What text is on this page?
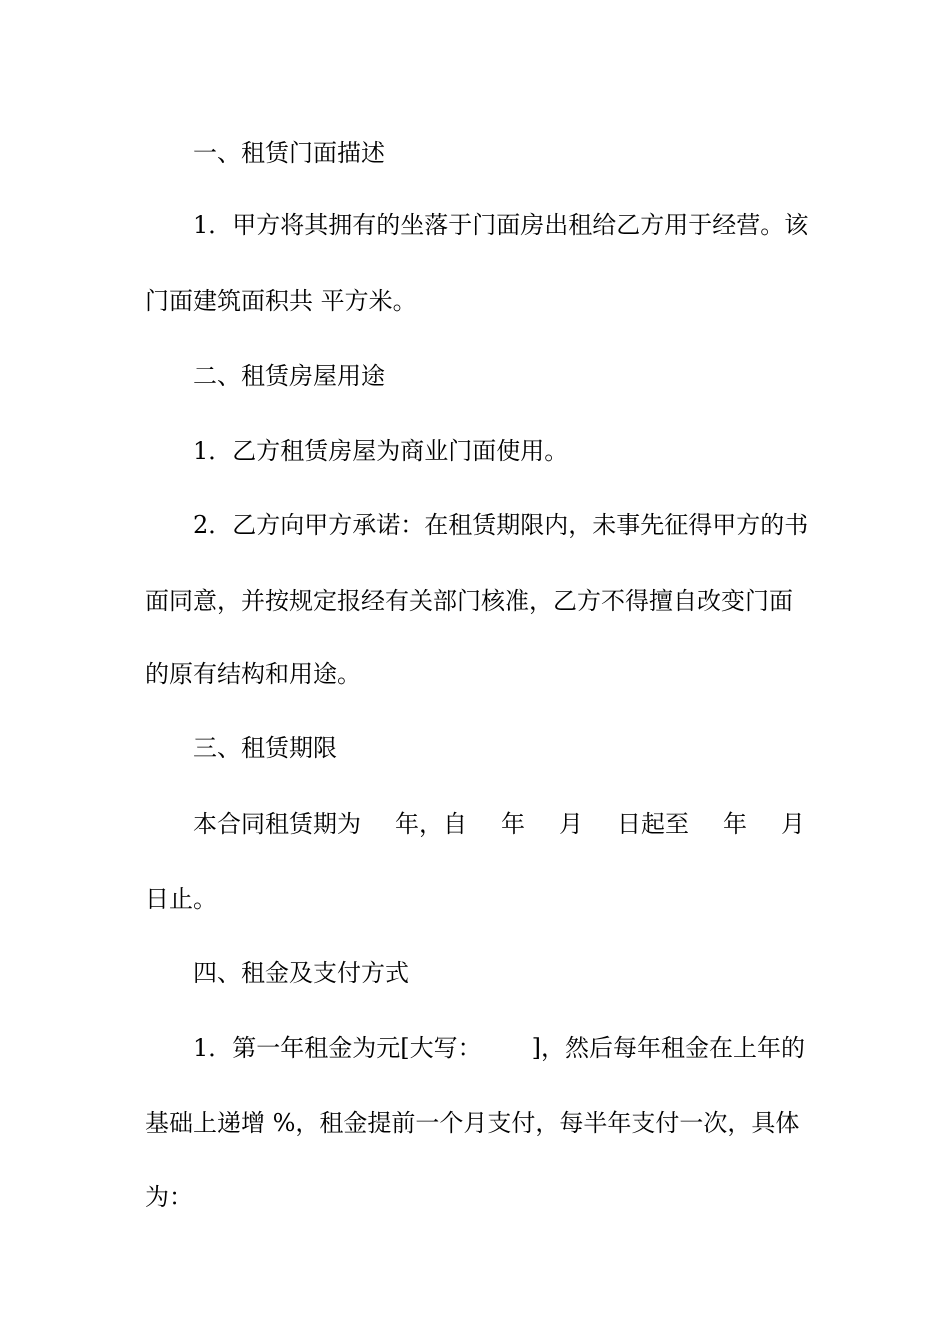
一、租赁门面描述

1．甲方将其拥有的坐落于门面房出租给乙方用于经营。该

门面建筑面积共 平方米。

二、租赁房屋用途

1．乙方租赁房屋为商业门面使用。

2．乙方向甲方承诺：在租赁期限内，未事先征得甲方的书

面同意，并按规定报经有关部门核准，乙方不得擅自改变门面

的原有结构和用途。

三、租赁期限

本合同租赁期为 年，自 年 月 日起至 年 月

日止。

四、租金及支付方式

1．第一年租金为元[大写： ]，然后每年租金在上年的

基础上递增 %，租金提前一个月支付，每半年支付一次，具体

为：
